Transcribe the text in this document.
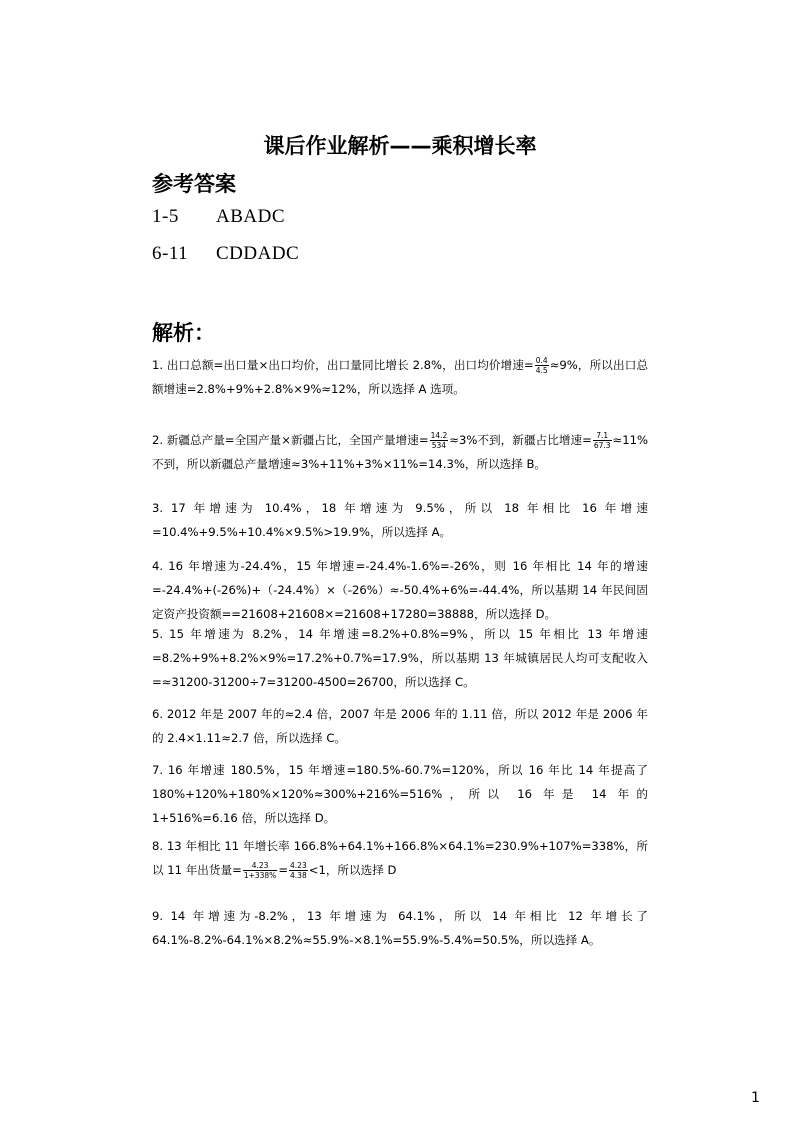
课后作业解析——乘积增长率
参考答案
1-5 ABADC
6-11 CDDADC
解析：
1. 出口总额=出口量×出口均价，出口量同比增长 2.8%，出口均价增速= $\frac{0.4}{4.5} \approx 9\%$，所以出口总额增速=2.8%+9%+2.8%×9%≈12%，所以选择 A 选项。
2. 新疆总产量=全国产量×新疆占比，全国产量增速= $\frac{14.2}{534} \approx 3\%$不到，新疆占比增速= $\frac{7.1}{67.3} \approx 11\%$不到，所以新疆总产量增速≈3%+11%+3%×11%=14.3%，所以选择 B。
3. 17 年增速为 10.4%，18 年增速为 9.5%，所以 18 年相比 16 年增速=10.4%+9.5%+10.4%×9.5%>19.9%，所以选择 A。
4. 16 年增速为-24.4%，15 年增速=-24.4%-1.6%=-26%，则 16 年相比 14 年的增速=-24.4%+(-26%)+（-24.4%）×（-26%）≈-50.4%+6%=-44.4%，所以基期 14 年民间固定资产投资额==21608+21608×=21608+17280=38888，所以选择 D。
5. 15 年增速为 8.2%，14 年增速=8.2%+0.8%=9%，所以 15 年相比 13 年增速=8.2%+9%+8.2%×9%=17.2%+0.7%=17.9%，所以基期 13 年城镇居民人均可支配收入=≈31200-31200÷7=31200-4500=26700，所以选择 C。
6. 2012 年是 2007 年的≈2.4 倍，2007 年是 2006 年的 1.11 倍，所以 2012 年是 2006 年的 2.4×1.11≈2.7 倍，所以选择 C。
7. 16 年增速 180.5%，15 年增速=180.5%-60.7%=120%，所以 16 年比 14 年提高了 180%+120%+180%×120%≈300%+216%=516%，所以 16 年是 14 年的 1+516%=6.16 倍，所以选择 D。
8. 13 年相比 11 年增长率 166.8%+64.1%+166.8%×64.1%=230.9%+107%=338%，所以 11 年出货量= $\frac{4.23}{1+338\%} = \frac{4.23}{4.38} <1$，所以选择 D
9. 14 年增速为-8.2%，13 年增速为 64.1%，所以 14 年相比 12 年增长了 64.1%-8.2%-64.1%×8.2%≈55.9%-×8.1%=55.9%-5.4%=50.5%，所以选择 A。
1
